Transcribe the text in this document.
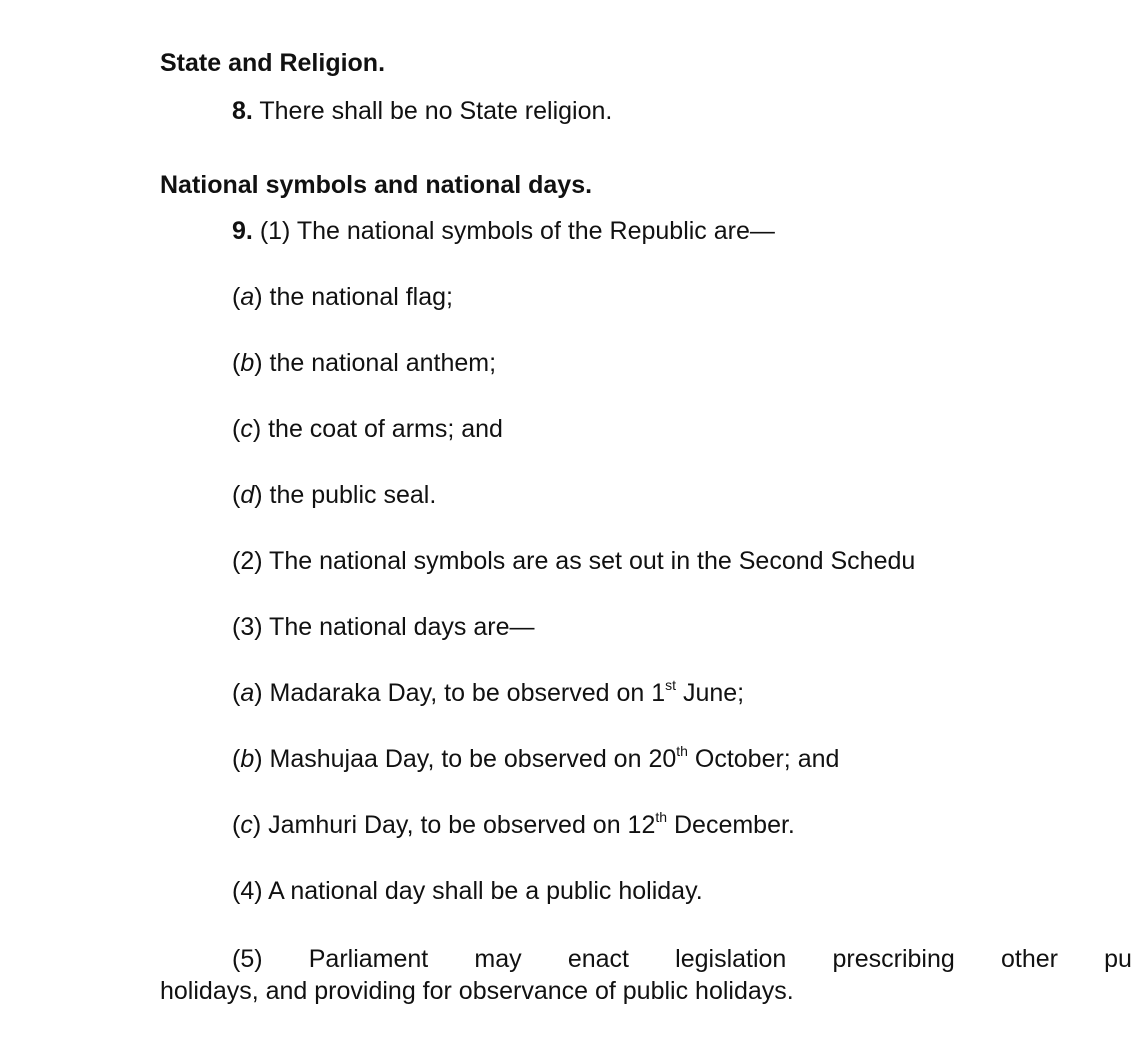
State and Religion.
8. There shall be no State religion.
National symbols and national days.
9. (1) The national symbols of the Republic are—
(a) the national flag;
(b) the national anthem;
(c) the coat of arms; and
(d) the public seal.
(2) The national symbols are as set out in the Second Schedu
(3) The national days are—
(a) Madaraka Day, to be observed on 1st June;
(b) Mashujaa Day, to be observed on 20th October; and
(c) Jamhuri Day, to be observed on 12th December.
(4) A national day shall be a public holiday.
(5) Parliament may enact legislation prescribing other pu
holidays, and providing for observance of public holidays.
